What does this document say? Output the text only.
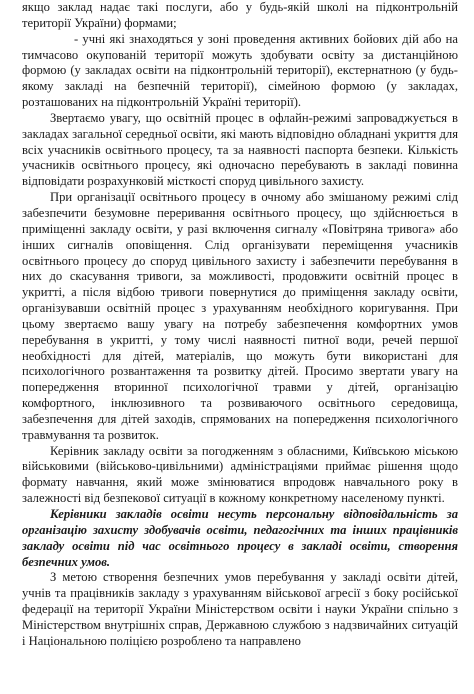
якщо заклад надає такі послуги, або у будь-якій школі на підконтрольній території України) формами;

- учні які знаходяться у зоні проведення активних бойових дій або на тимчасово окупованій території можуть здобувати освіту за дистанційною формою (у закладах освіти на підконтрольній території), екстернатною (у будь-якому закладі на безпечній території), сімейною формою (у закладах, розташованих на підконтрольній Україні території).

Звертаємо увагу, що освітній процес в офлайн-режимі запроваджується в закладах загальної середньої освіти, які мають відповідно обладнані укриття для всіх учасників освітнього процесу, та за наявності паспорта безпеки. Кількість учасників освітнього процесу, які одночасно перебувають в закладі повинна відповідати розрахунковій місткості споруд цивільного захисту.

При організації освітнього процесу в очному або змішаному режимі слід забезпечити безумовне переривання освітнього процесу, що здійснюється в приміщенні закладу освіти, у разі включення сигналу «Повітряна тривога» або інших сигналів оповіщення. Слід організувати переміщення учасників освітнього процесу до споруд цивільного захисту і забезпечити перебування в них до скасування тривоги, за можливості, продовжити освітній процес в укритті, а після відбою тривоги повернутися до приміщення закладу освіти, організувавши освітній процес з урахуванням необхідного коригування. При цьому звертаємо вашу увагу на потребу забезпечення комфортних умов перебування в укритті, у тому числі наявності питної води, речей першої необхідності для дітей, матеріалів, що можуть бути використані для психологічного розвантаження та розвитку дітей. Просимо звертати увагу на попередження вторинної психологічної травми у дітей, організацію комфортного, інклюзивного та розвиваючого освітнього середовища, забезпечення для дітей заходів, спрямованих на попередження психологічного травмування та розвиток.

Керівник закладу освіти за погодженням з обласними, Київською міською військовими (військово-цивільними) адміністраціями приймає рішення щодо формату навчання, який може змінюватися впродовж навчального року в залежності від безпекової ситуації в кожному конкретному населеному пункті.

Керівники закладів освіти несуть персональну відповідальність за організацію захисту здобувачів освіти, педагогічних та інших працівників закладу освіти під час освітнього процесу в закладі освіти, створення безпечних умов.

З метою створення безпечних умов перебування у закладі освіти дітей, учнів та працівників закладу з урахуванням військової агресії з боку російської федерації на території України Міністерством освіти і науки України спільно з Міністерством внутрішніх справ, Державною службою з надзвичайних ситуацій і Національною поліцією розроблено та направлено
